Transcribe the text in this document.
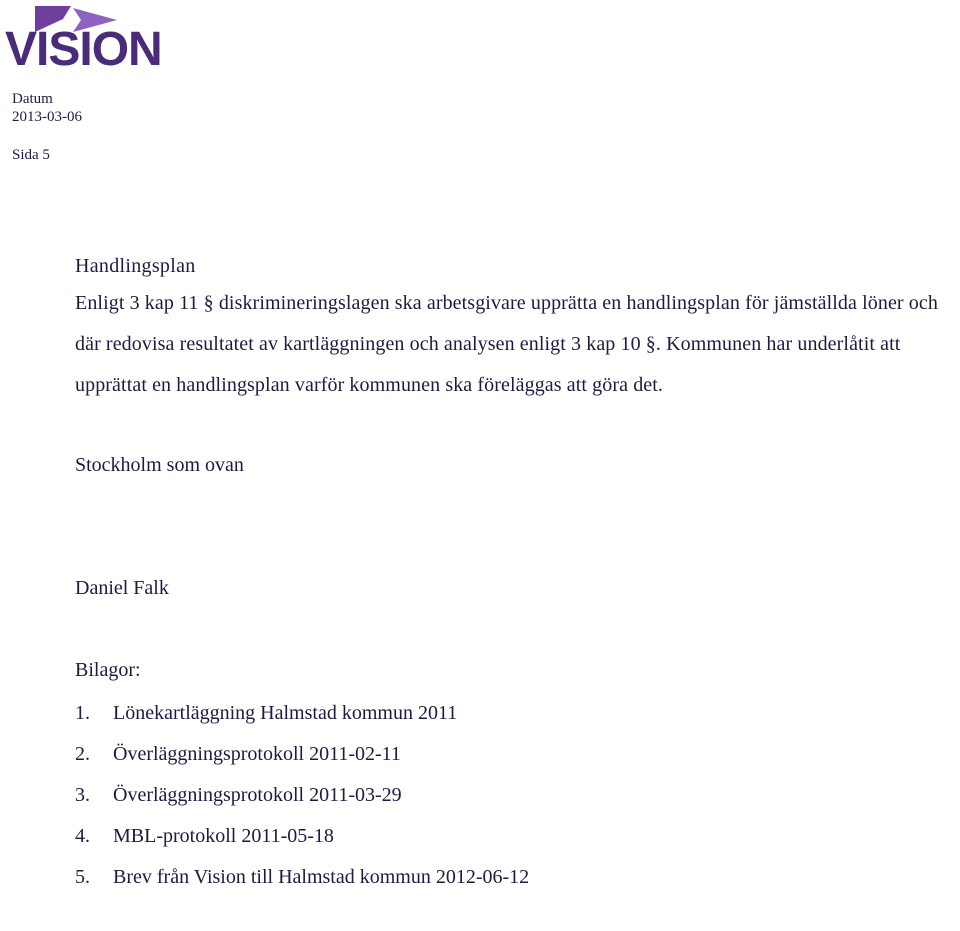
VISION
Datum
2013-03-06
Sida 5

Handlingsplan

Enligt 3 kap 11 § diskrimineringslagen ska arbetsgivare upprätta en handlingsplan för jämställda löner och där redovisa resultatet av kartläggningen och analysen enligt 3 kap 10 §. Kommunen har underlåtit att upprättat en handlingsplan varför kommunen ska föreläggas att göra det.

Stockholm som ovan

Daniel Falk

Bilagor:

1. Lönekartläggning Halmstad kommun 2011
2. Överläggningsprotokoll 2011-02-11
3. Överläggningsprotokoll 2011-03-29
4. MBL-protokoll 2011-05-18
5. Brev från Vision till Halmstad kommun 2012-06-12
